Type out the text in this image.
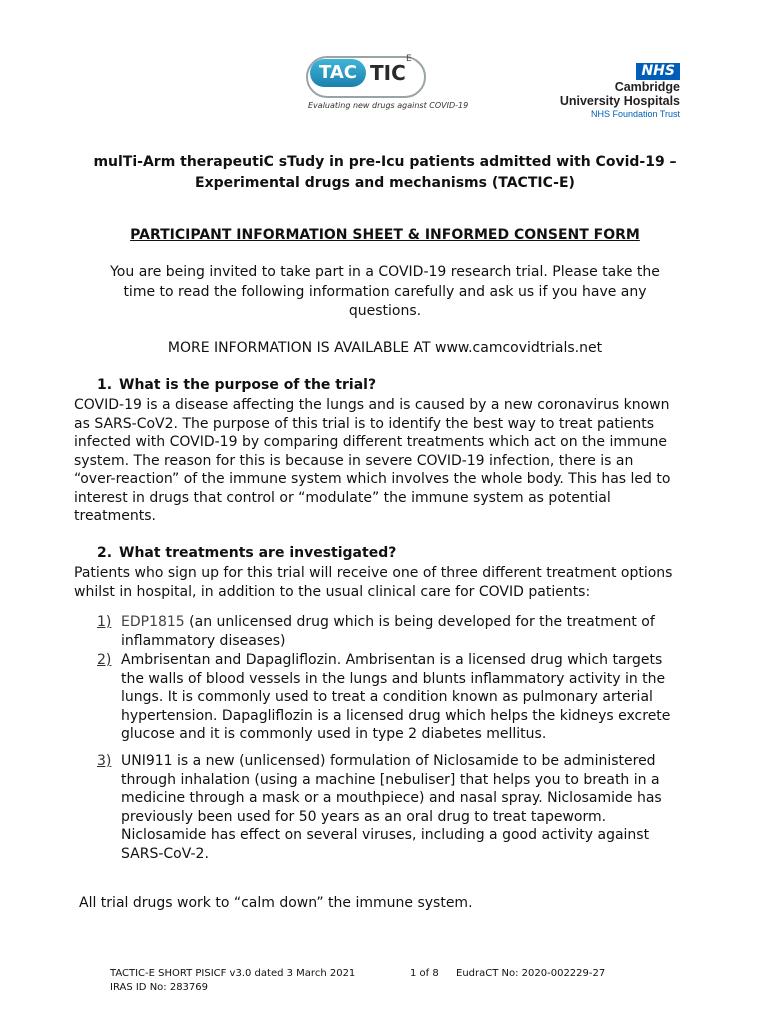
TAC TIC
E
Evaluating new drugs against COVID-19
NHS
Cambridge
University Hospitals
NHS Foundation Trust
mulTi-Arm therapeutiC sTudy in pre-Icu patients admitted with Covid-19 –
Experimental drugs and mechanisms (TACTIC-E)
PARTICIPANT INFORMATION SHEET & INFORMED CONSENT FORM
You are being invited to take part in a COVID-19 research trial. Please take the
time to read the following information carefully and ask us if you have any
questions.
MORE INFORMATION IS AVAILABLE AT www.camcovidtrials.net
1. What is the purpose of the trial?
COVID-19 is a disease affecting the lungs and is caused by a new coronavirus known
as SARS-CoV2. The purpose of this trial is to identify the best way to treat patients
infected with COVID-19 by comparing different treatments which act on the immune
system. The reason for this is because in severe COVID-19 infection, there is an
“over-reaction” of the immune system which involves the whole body. This has led to
interest in drugs that control or “modulate” the immune system as potential
treatments.
2. What treatments are investigated?
Patients who sign up for this trial will receive one of three different treatment options
whilst in hospital, in addition to the usual clinical care for COVID patients:
1) EDP1815 (an unlicensed drug which is being developed for the treatment of
inflammatory diseases)
2) Ambrisentan and Dapagliflozin. Ambrisentan is a licensed drug which targets
the walls of blood vessels in the lungs and blunts inflammatory activity in the
lungs. It is commonly used to treat a condition known as pulmonary arterial
hypertension. Dapagliflozin is a licensed drug which helps the kidneys excrete
glucose and it is commonly used in type 2 diabetes mellitus.
3) UNI911 is a new (unlicensed) formulation of Niclosamide to be administered
through inhalation (using a machine [nebuliser] that helps you to breath in a
medicine through a mask or a mouthpiece) and nasal spray. Niclosamide has
previously been used for 50 years as an oral drug to treat tapeworm.
Niclosamide has effect on several viruses, including a good activity against
SARS-CoV-2.
All trial drugs work to “calm down” the immune system.
TACTIC-E SHORT PISICF v3.0 dated 3 March 2021	1 of 8 EudraCT No: 2020-002229-27
IRAS ID No: 283769
